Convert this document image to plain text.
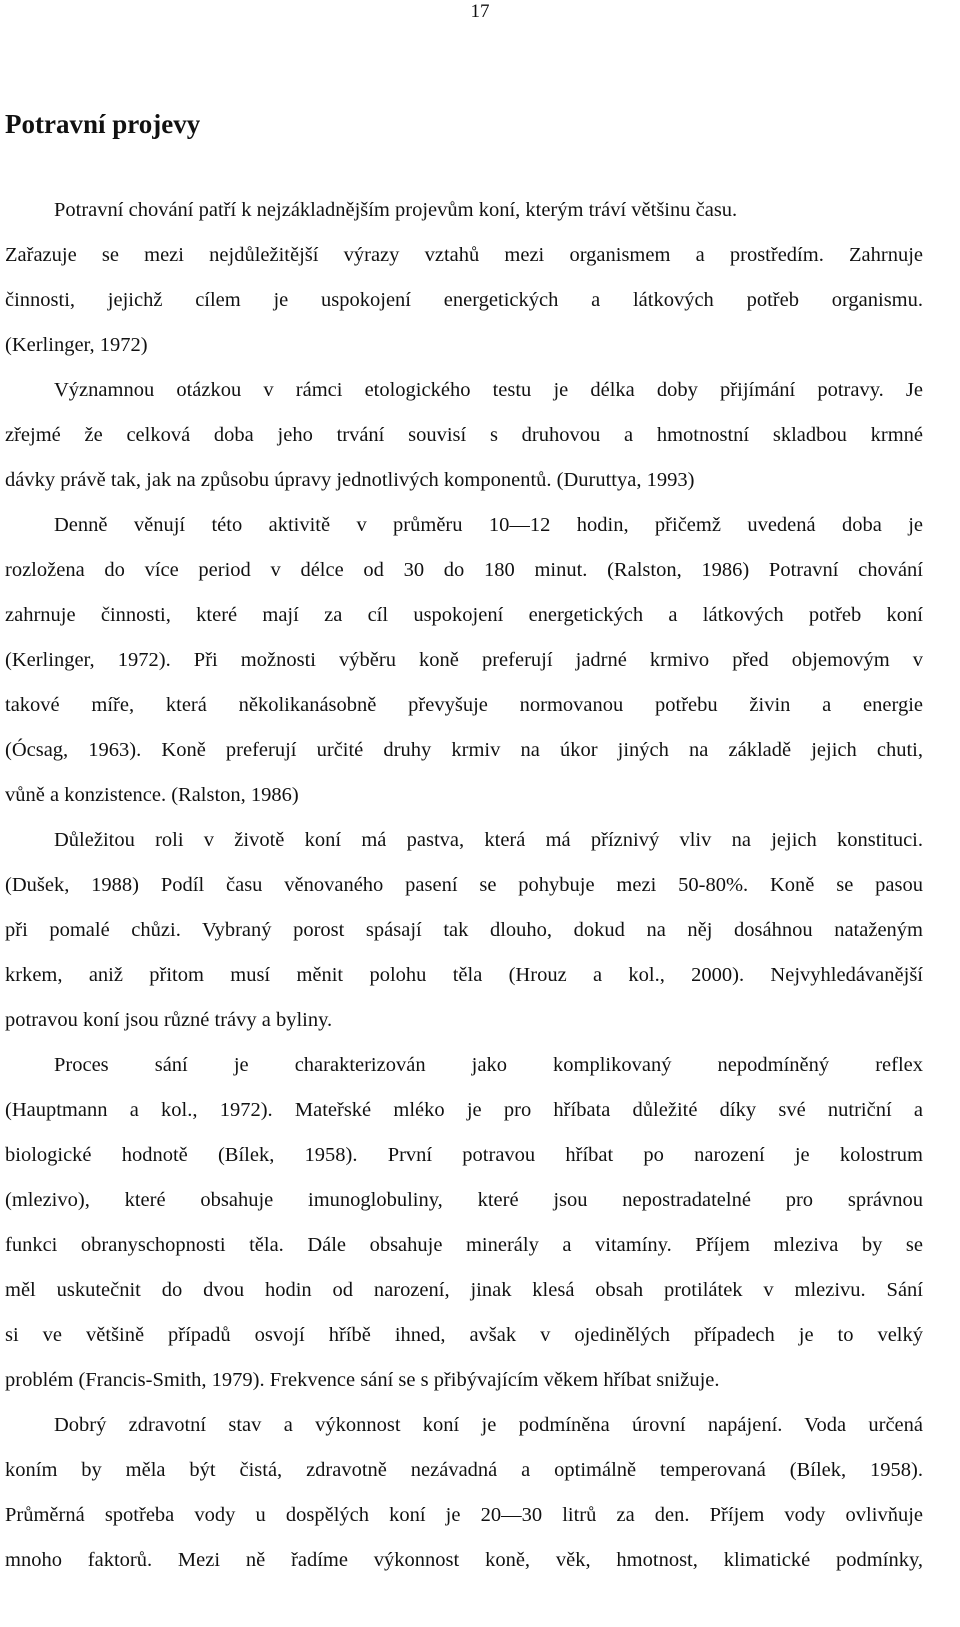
17
Potravní projevy
Potravní chování patří k nejzákladnějším projevům koní, kterým tráví většinu času.
Zařazuje se mezi nejdůležitější výrazy vztahů mezi organismem a prostředím. Zahrnuje
činnosti, jejichž cílem je uspokojení energetických a látkových potřeb organismu.
(Kerlinger, 1972)
Významnou otázkou v rámci etologického testu je délka doby přijímání potravy. Je
zřejmé že celková doba jeho trvání souvisí s druhovou a hmotnostní skladbou krmné
dávky právě tak, jak na způsobu úpravy jednotlivých komponentů. (Duruttya, 1993)
Denně věnují této aktivitě v průměru 10—12 hodin, přičemž uvedená doba je
rozložena do více period v délce od 30 do 180 minut. (Ralston, 1986) Potravní chování
zahrnuje činnosti, které mají za cíl uspokojení energetických a látkových potřeb koní
(Kerlinger, 1972). Při možnosti výběru koně preferují jadrné krmivo před objemovým v
takové míře, která několikanásobně převyšuje normovanou potřebu živin a energie
(Ócsag, 1963). Koně preferují určité druhy krmiv na úkor jiných na základě jejich chuti,
vůně a konzistence. (Ralston, 1986)
Důležitou roli v životě koní má pastva, která má příznivý vliv na jejich konstituci.
(Dušek, 1988) Podíl času věnovaného pasení se pohybuje mezi 50-80%. Koně se pasou
při pomalé chůzi. Vybraný porost spásají tak dlouho, dokud na něj dosáhnou nataženým
krkem, aniž přitom musí měnit polohu těla (Hrouz a kol., 2000). Nejvyhledávanější
potravou koní jsou různé trávy a byliny.
Proces sání je charakterizován jako komplikovaný nepodmíněný reflex
(Hauptmann a kol., 1972). Mateřské mléko je pro hříbata důležité díky své nutriční a
biologické hodnotě (Bílek, 1958). První potravou hříbat po narození je kolostrum
(mlezivo), které obsahuje imunoglobuliny, které jsou nepostradatelné pro správnou
funkci obranyschopnosti těla. Dále obsahuje minerály a vitamíny. Příjem mleziva by se
měl uskutečnit do dvou hodin od narození, jinak klesá obsah protilátek v mlezivu. Sání
si ve většině případů osvojí hříbě ihned, avšak v ojedinělých případech je to velký
problém (Francis-Smith, 1979). Frekvence sání se s přibývajícím věkem hříbat snižuje.
Dobrý zdravotní stav a výkonnost koní je podmíněna úrovní napájení. Voda určená
koním by měla být čistá, zdravotně nezávadná a optimálně temperovaná (Bílek, 1958).
Průměrná spotřeba vody u dospělých koní je 20—30 litrů za den. Příjem vody ovlivňuje
mnoho faktorů. Mezi ně řadíme výkonnost koně, věk, hmotnost, klimatické podmínky,
